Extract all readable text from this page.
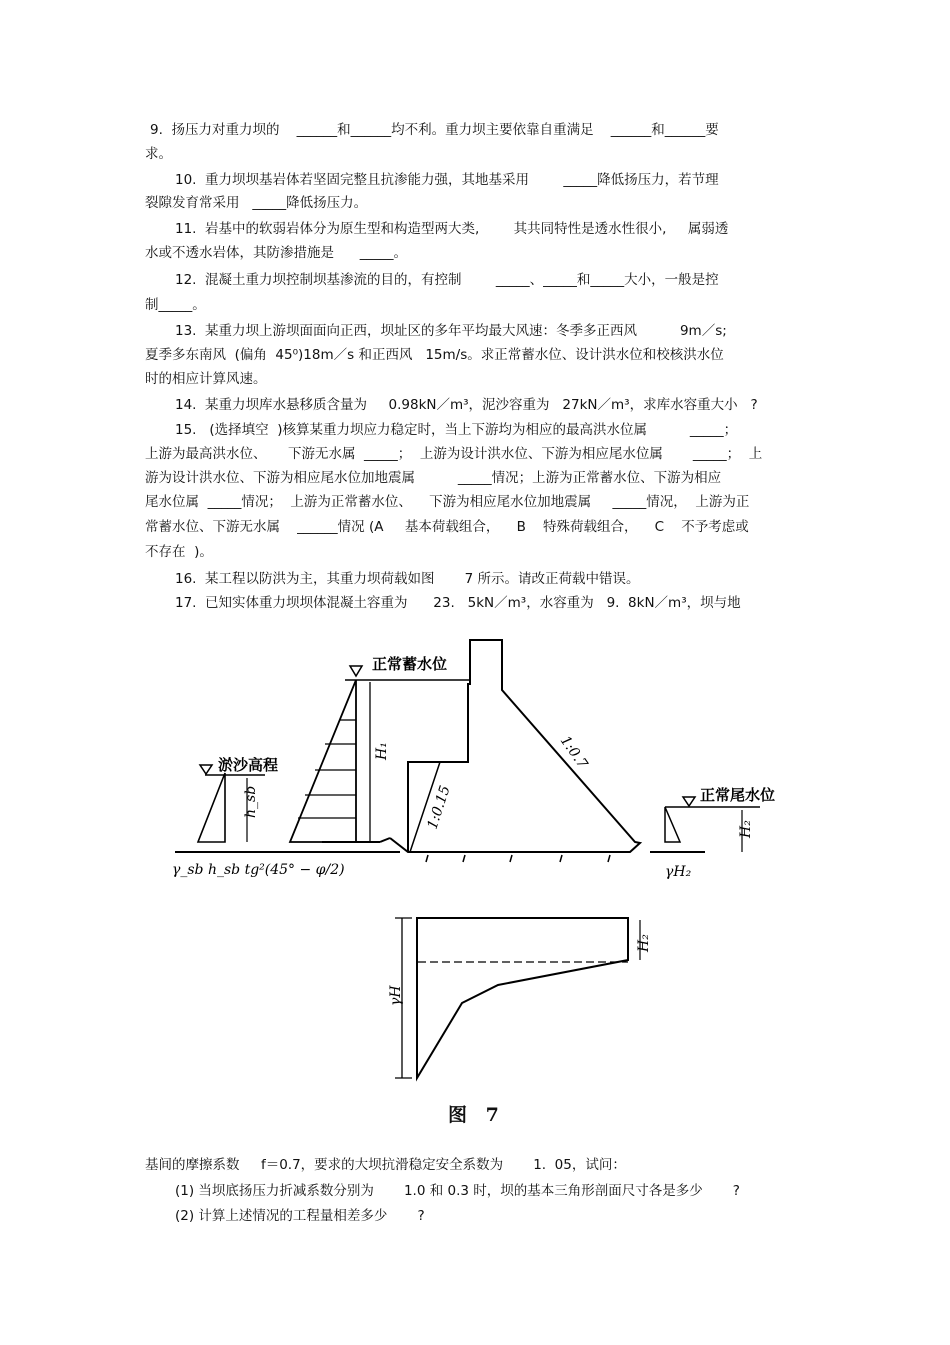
9.  扬压力对重力坝的    ______和______均不利。重力坝主要依靠自重满足    ______和______要
求。
10.  重力坝坝基岩体若坚固完整且抗渗能力强，其地基采用        _____降低扬压力，若节理
裂隙发育常采用   _____降低扬压力。
11.  岩基中的软弱岩体分为原生型和构造型两大类,        其共同特性是透水性很小,     属弱透
水或不透水岩体，其防渗措施是      _____。
12.  混凝土重力坝控制坝基渗流的目的，有控制        _____、_____和_____大小，一般是控
制_____。
13.  某重力坝上游坝面面向正西，坝址区的多年平均最大风速：冬季多正西风          9m／s;
夏季多东南风  (偏角  45⁰)18m／s 和正西风   15m/s。求正常蓄水位、设计洪水位和校核洪水位
时的相应计算风速。
14.  某重力坝库水悬移质含量为     0.98kN／m³，泥沙容重为   27kN／m³，求库水容重大小   ?
15.   (选择填空  )核算某重力坝应力稳定时，当上下游均为相应的最高洪水位属          _____；
上游为最高洪水位、     下游无水属  _____；  上游为设计洪水位、下游为相应尾水位属       _____；  上
游为设计洪水位、下游为相应尾水位加地震属          _____情况；上游为正常蓄水位、下游为相应
尾水位属  _____情况；  上游为正常蓄水位、    下游为相应尾水位加地震属     _____情况，  上游为正
常蓄水位、下游无水属    ______情况 (A     基本荷载组合，    B    特殊荷载组合，    C    不予考虑或
不存在  )。
16.  某工程以防洪为主，其重力坝荷载如图       7 所示。请改正荷载中错误。
17.  已知实体重力坝坝体混凝土容重为      23.   5kN／m³，水容重为   9.  8kN／m³，坝与地
基间的摩擦系数     f＝0.7，要求的大坝抗滑稳定安全系数为       1.  05，试问：
(1) 当坝底扬压力折减系数分别为       1.0 和 0.3 时，坝的基本三角形剖面尺寸各是多少       ?
(2) 计算上述情况的工程量相差多少       ?
正常蓄水位
淤沙高程
正常尾水位
H₁
h_sb
H₂
1:0.15
1:0.7
γ_sb h_sb tg²(45° − φ/2)	γH₂
H₂
γH
图 7
